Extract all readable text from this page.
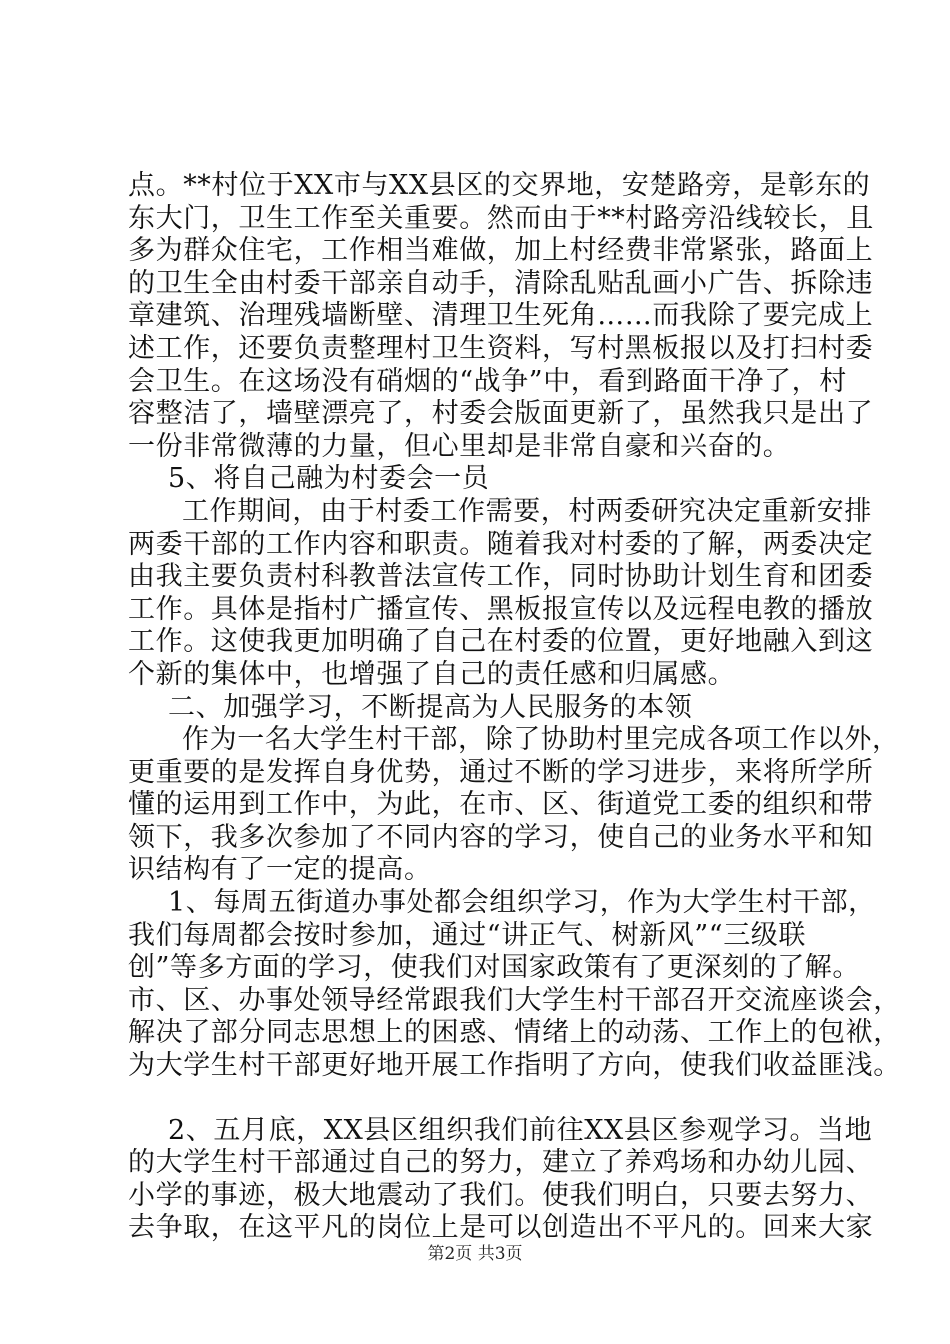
点。**村位于XX市与XX县区的交界地，安楚路旁，是彰东的
东大门，卫生工作至关重要。然而由于**村路旁沿线较长，且
多为群众住宅，工作相当难做，加上村经费非常紧张，路面上
的卫生全由村委干部亲自动手，清除乱贴乱画小广告、拆除违
章建筑、治理残墙断壁、清理卫生死角……而我除了要完成上
述工作，还要负责整理村卫生资料，写村黑板报以及打扫村委
会卫生。在这场没有硝烟的“战争”中，看到路面干净了，村
容整洁了，墙壁漂亮了，村委会版面更新了，虽然我只是出了
一份非常微薄的力量，但心里却是非常自豪和兴奋的。
5、将自己融为村委会一员
工作期间，由于村委工作需要，村两委研究决定重新安排
两委干部的工作内容和职责。随着我对村委的了解，两委决定
由我主要负责村科教普法宣传工作，同时协助计划生育和团委
工作。具体是指村广播宣传、黑板报宣传以及远程电教的播放
工作。这使我更加明确了自己在村委的位置，更好地融入到这
个新的集体中，也增强了自己的责任感和归属感。
二、加强学习，不断提高为人民服务的本领
作为一名大学生村干部，除了协助村里完成各项工作以外，
更重要的是发挥自身优势，通过不断的学习进步，来将所学所
懂的运用到工作中，为此，在市、区、街道党工委的组织和带
领下，我多次参加了不同内容的学习，使自己的业务水平和知
识结构有了一定的提高。
1、每周五街道办事处都会组织学习，作为大学生村干部，
我们每周都会按时参加，通过“讲正气、树新风”“三级联
创”等多方面的学习，使我们对国家政策有了更深刻的了解。
市、区、办事处领导经常跟我们大学生村干部召开交流座谈会，
解决了部分同志思想上的困惑、情绪上的动荡、工作上的包袱，
为大学生村干部更好地开展工作指明了方向，使我们收益匪浅。
2、五月底，XX县区组织我们前往XX县区参观学习。当地
的大学生村干部通过自己的努力，建立了养鸡场和办幼儿园、
小学的事迹，极大地震动了我们。使我们明白，只要去努力、
去争取，在这平凡的岗位上是可以创造出不平凡的。回来大家
第2页 共3页
